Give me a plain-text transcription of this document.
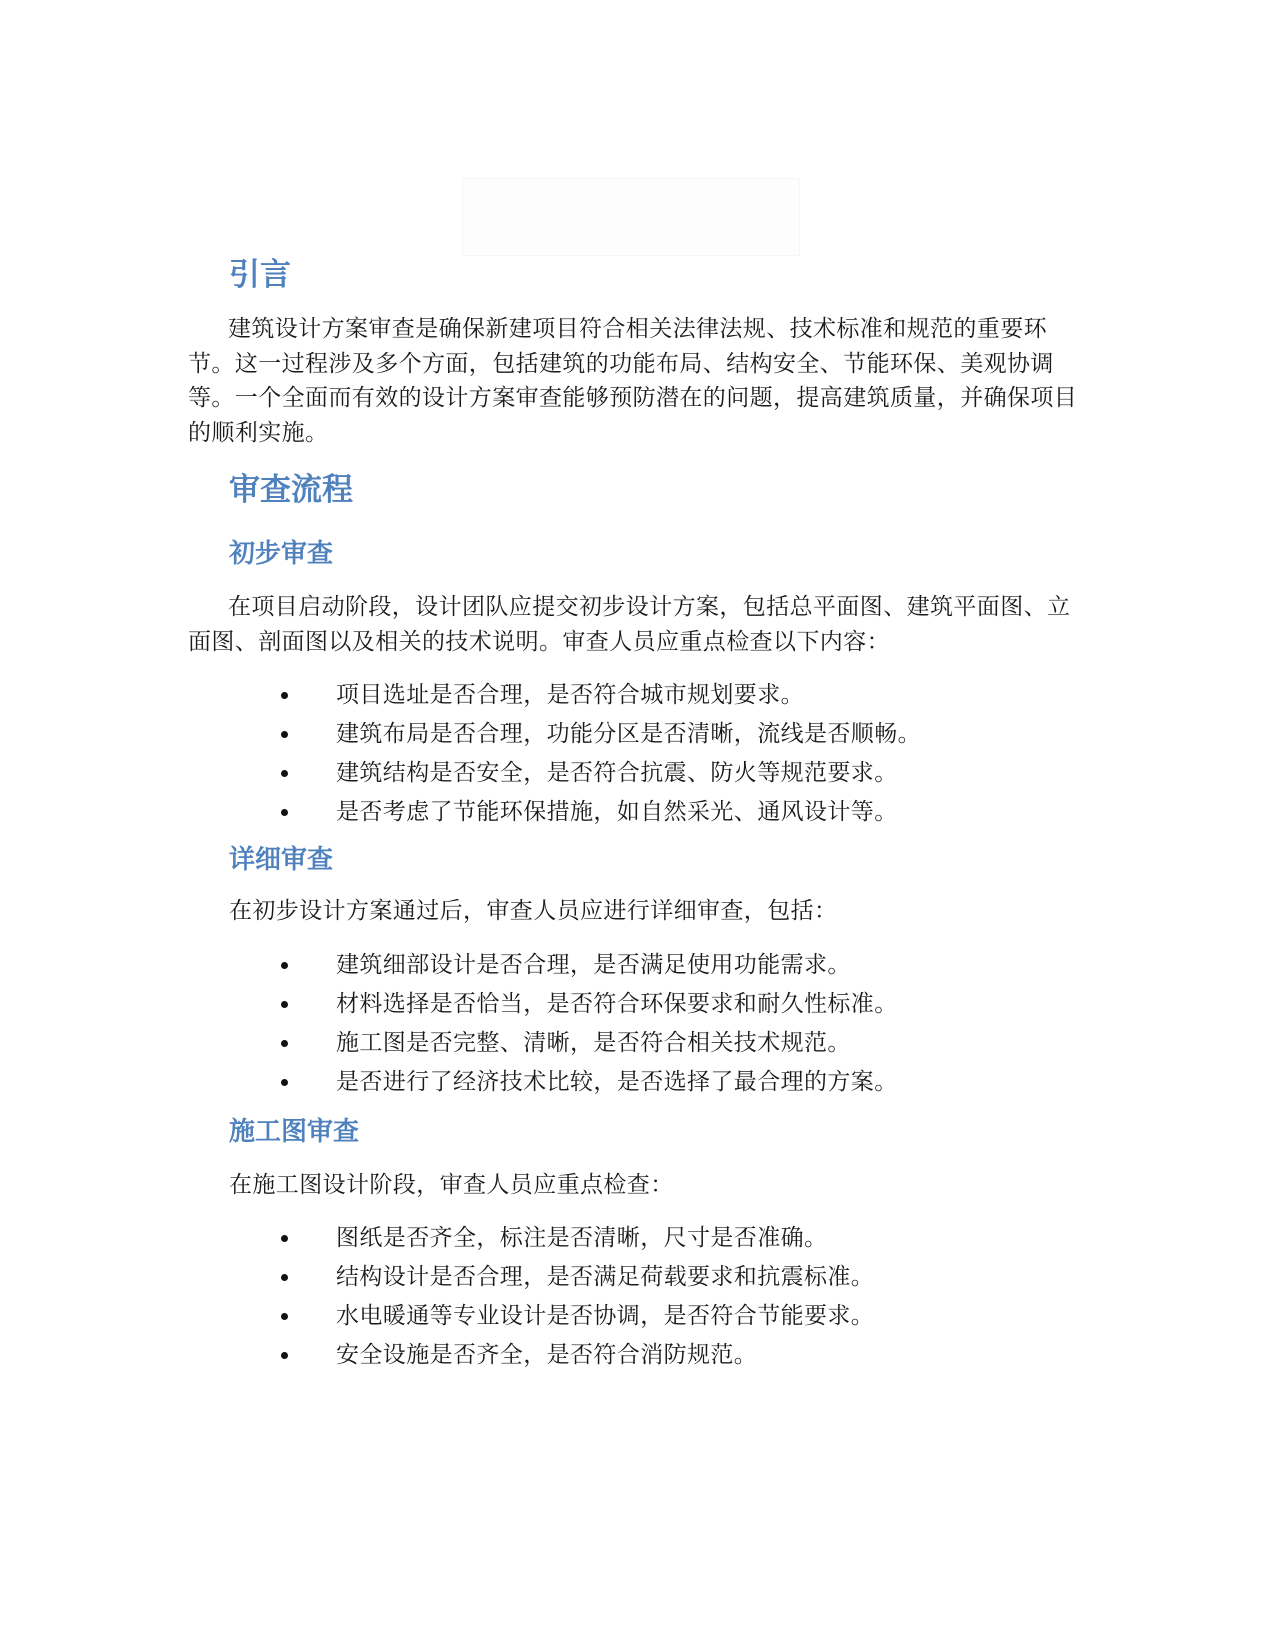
引言

建筑设计方案审查是确保新建项目符合相关法律法规、技术标准和规范的重要环节。这一过程涉及多个方面，包括建筑的功能布局、结构安全、节能环保、美观协调等。一个全面而有效的设计方案审查能够预防潜在的问题，提高建筑质量，并确保项目的顺利实施。

审查流程
初步审查

在项目启动阶段，设计团队应提交初步设计方案，包括总平面图、建筑平面图、立面图、剖面图以及相关的技术说明。审查人员应重点检查以下内容：

项目选址是否合理，是否符合城市规划要求。
建筑布局是否合理，功能分区是否清晰，流线是否顺畅。
建筑结构是否安全，是否符合抗震、防火等规范要求。
是否考虑了节能环保措施，如自然采光、通风设计等。
详细审查

在初步设计方案通过后，审查人员应进行详细审查，包括：

建筑细部设计是否合理，是否满足使用功能需求。
材料选择是否恰当，是否符合环保要求和耐久性标准。
施工图是否完整、清晰，是否符合相关技术规范。
是否进行了经济技术比较，是否选择了最合理的方案。
施工图审查

在施工图设计阶段，审查人员应重点检查：

图纸是否齐全，标注是否清晰，尺寸是否准确。
结构设计是否合理，是否满足荷载要求和抗震标准。
水电暖通等专业设计是否协调，是否符合节能要求。
安全设施是否齐全，是否符合消防规范。
